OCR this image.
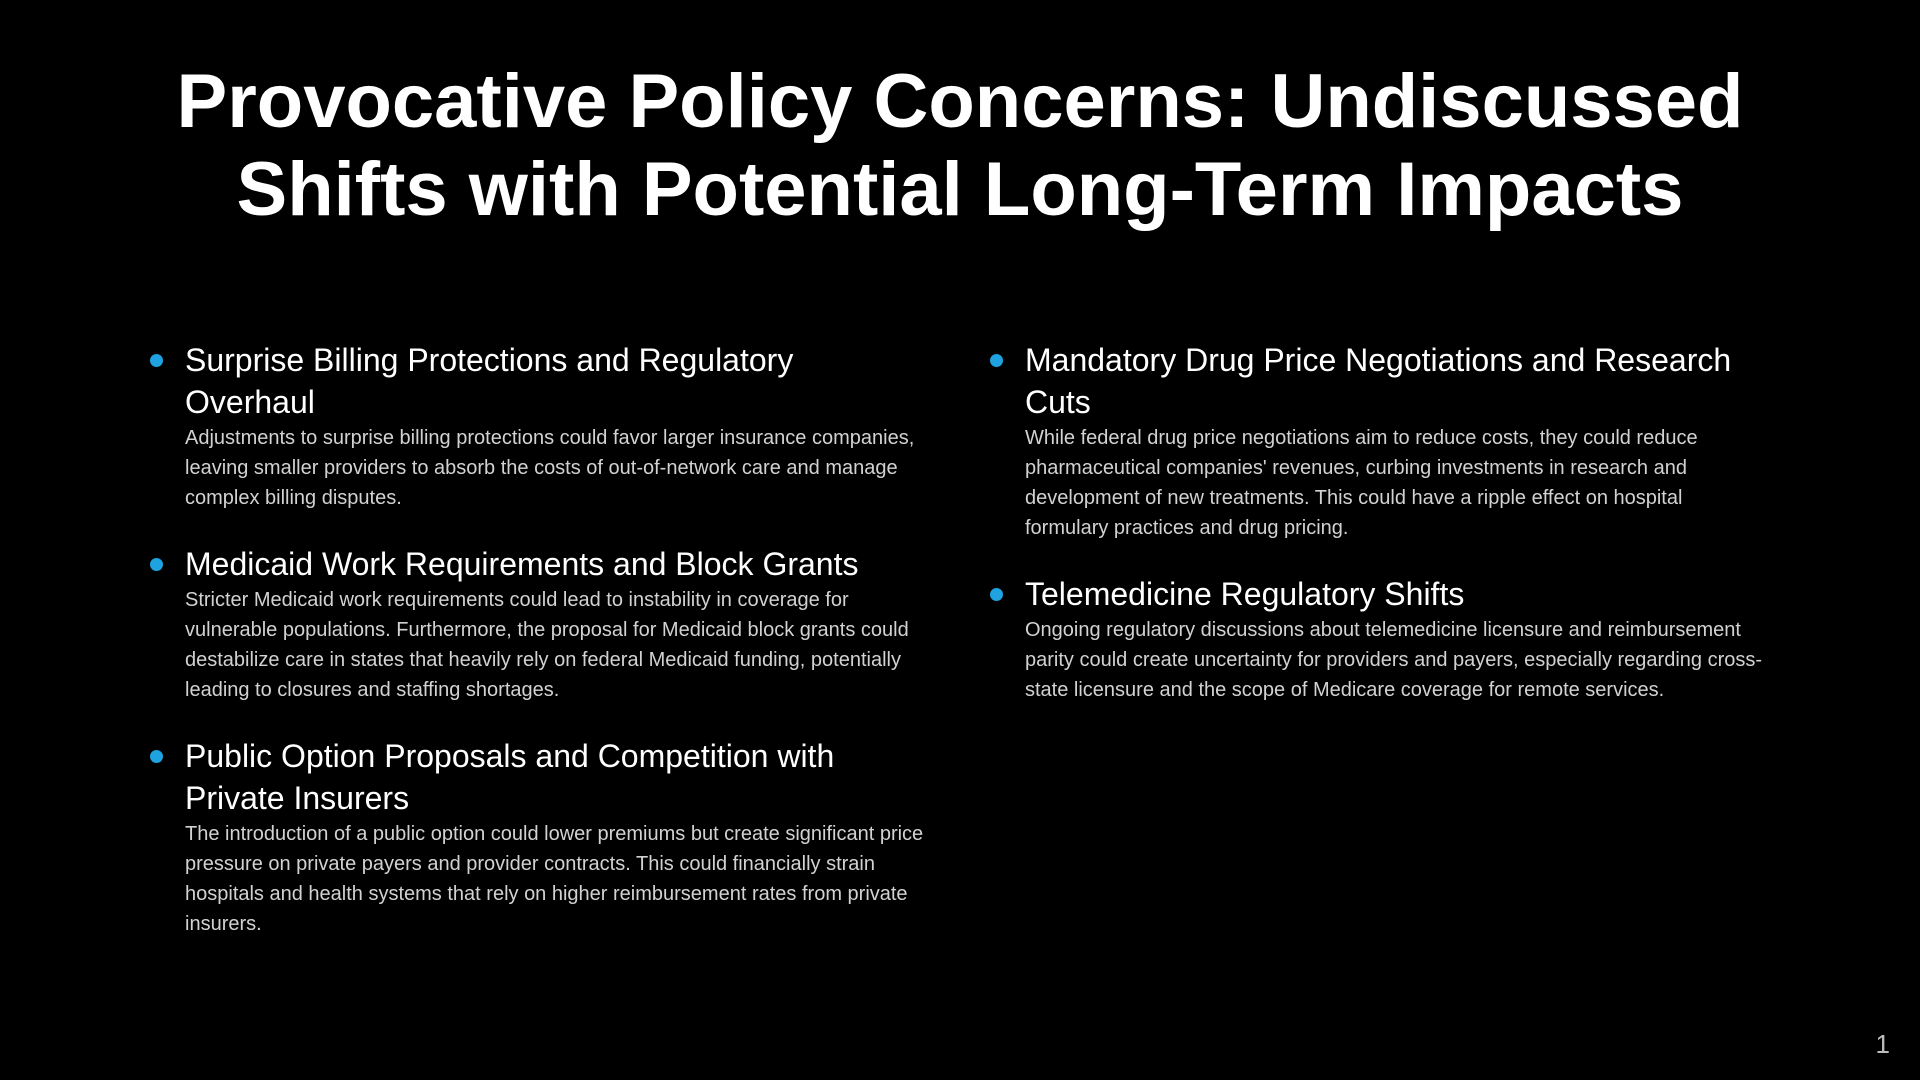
Provocative Policy Concerns: Undiscussed Shifts with Potential Long-Term Impacts
Surprise Billing Protections and Regulatory Overhaul

Adjustments to surprise billing protections could favor larger insurance companies, leaving smaller providers to absorb the costs of out-of-network care and manage complex billing disputes.

Medicaid Work Requirements and Block Grants

Stricter Medicaid work requirements could lead to instability in coverage for vulnerable populations. Furthermore, the proposal for Medicaid block grants could destabilize care in states that heavily rely on federal Medicaid funding, potentially leading to closures and staffing shortages.

Public Option Proposals and Competition with Private Insurers

The introduction of a public option could lower premiums but create significant price pressure on private payers and provider contracts. This could financially strain hospitals and health systems that rely on higher reimbursement rates from private insurers.

Mandatory Drug Price Negotiations and Research Cuts

While federal drug price negotiations aim to reduce costs, they could reduce pharmaceutical companies' revenues, curbing investments in research and development of new treatments. This could have a ripple effect on hospital formulary practices and drug pricing.

Telemedicine Regulatory Shifts

Ongoing regulatory discussions about telemedicine licensure and reimbursement parity could create uncertainty for providers and payers, especially regarding cross-state licensure and the scope of Medicare coverage for remote services.

1
